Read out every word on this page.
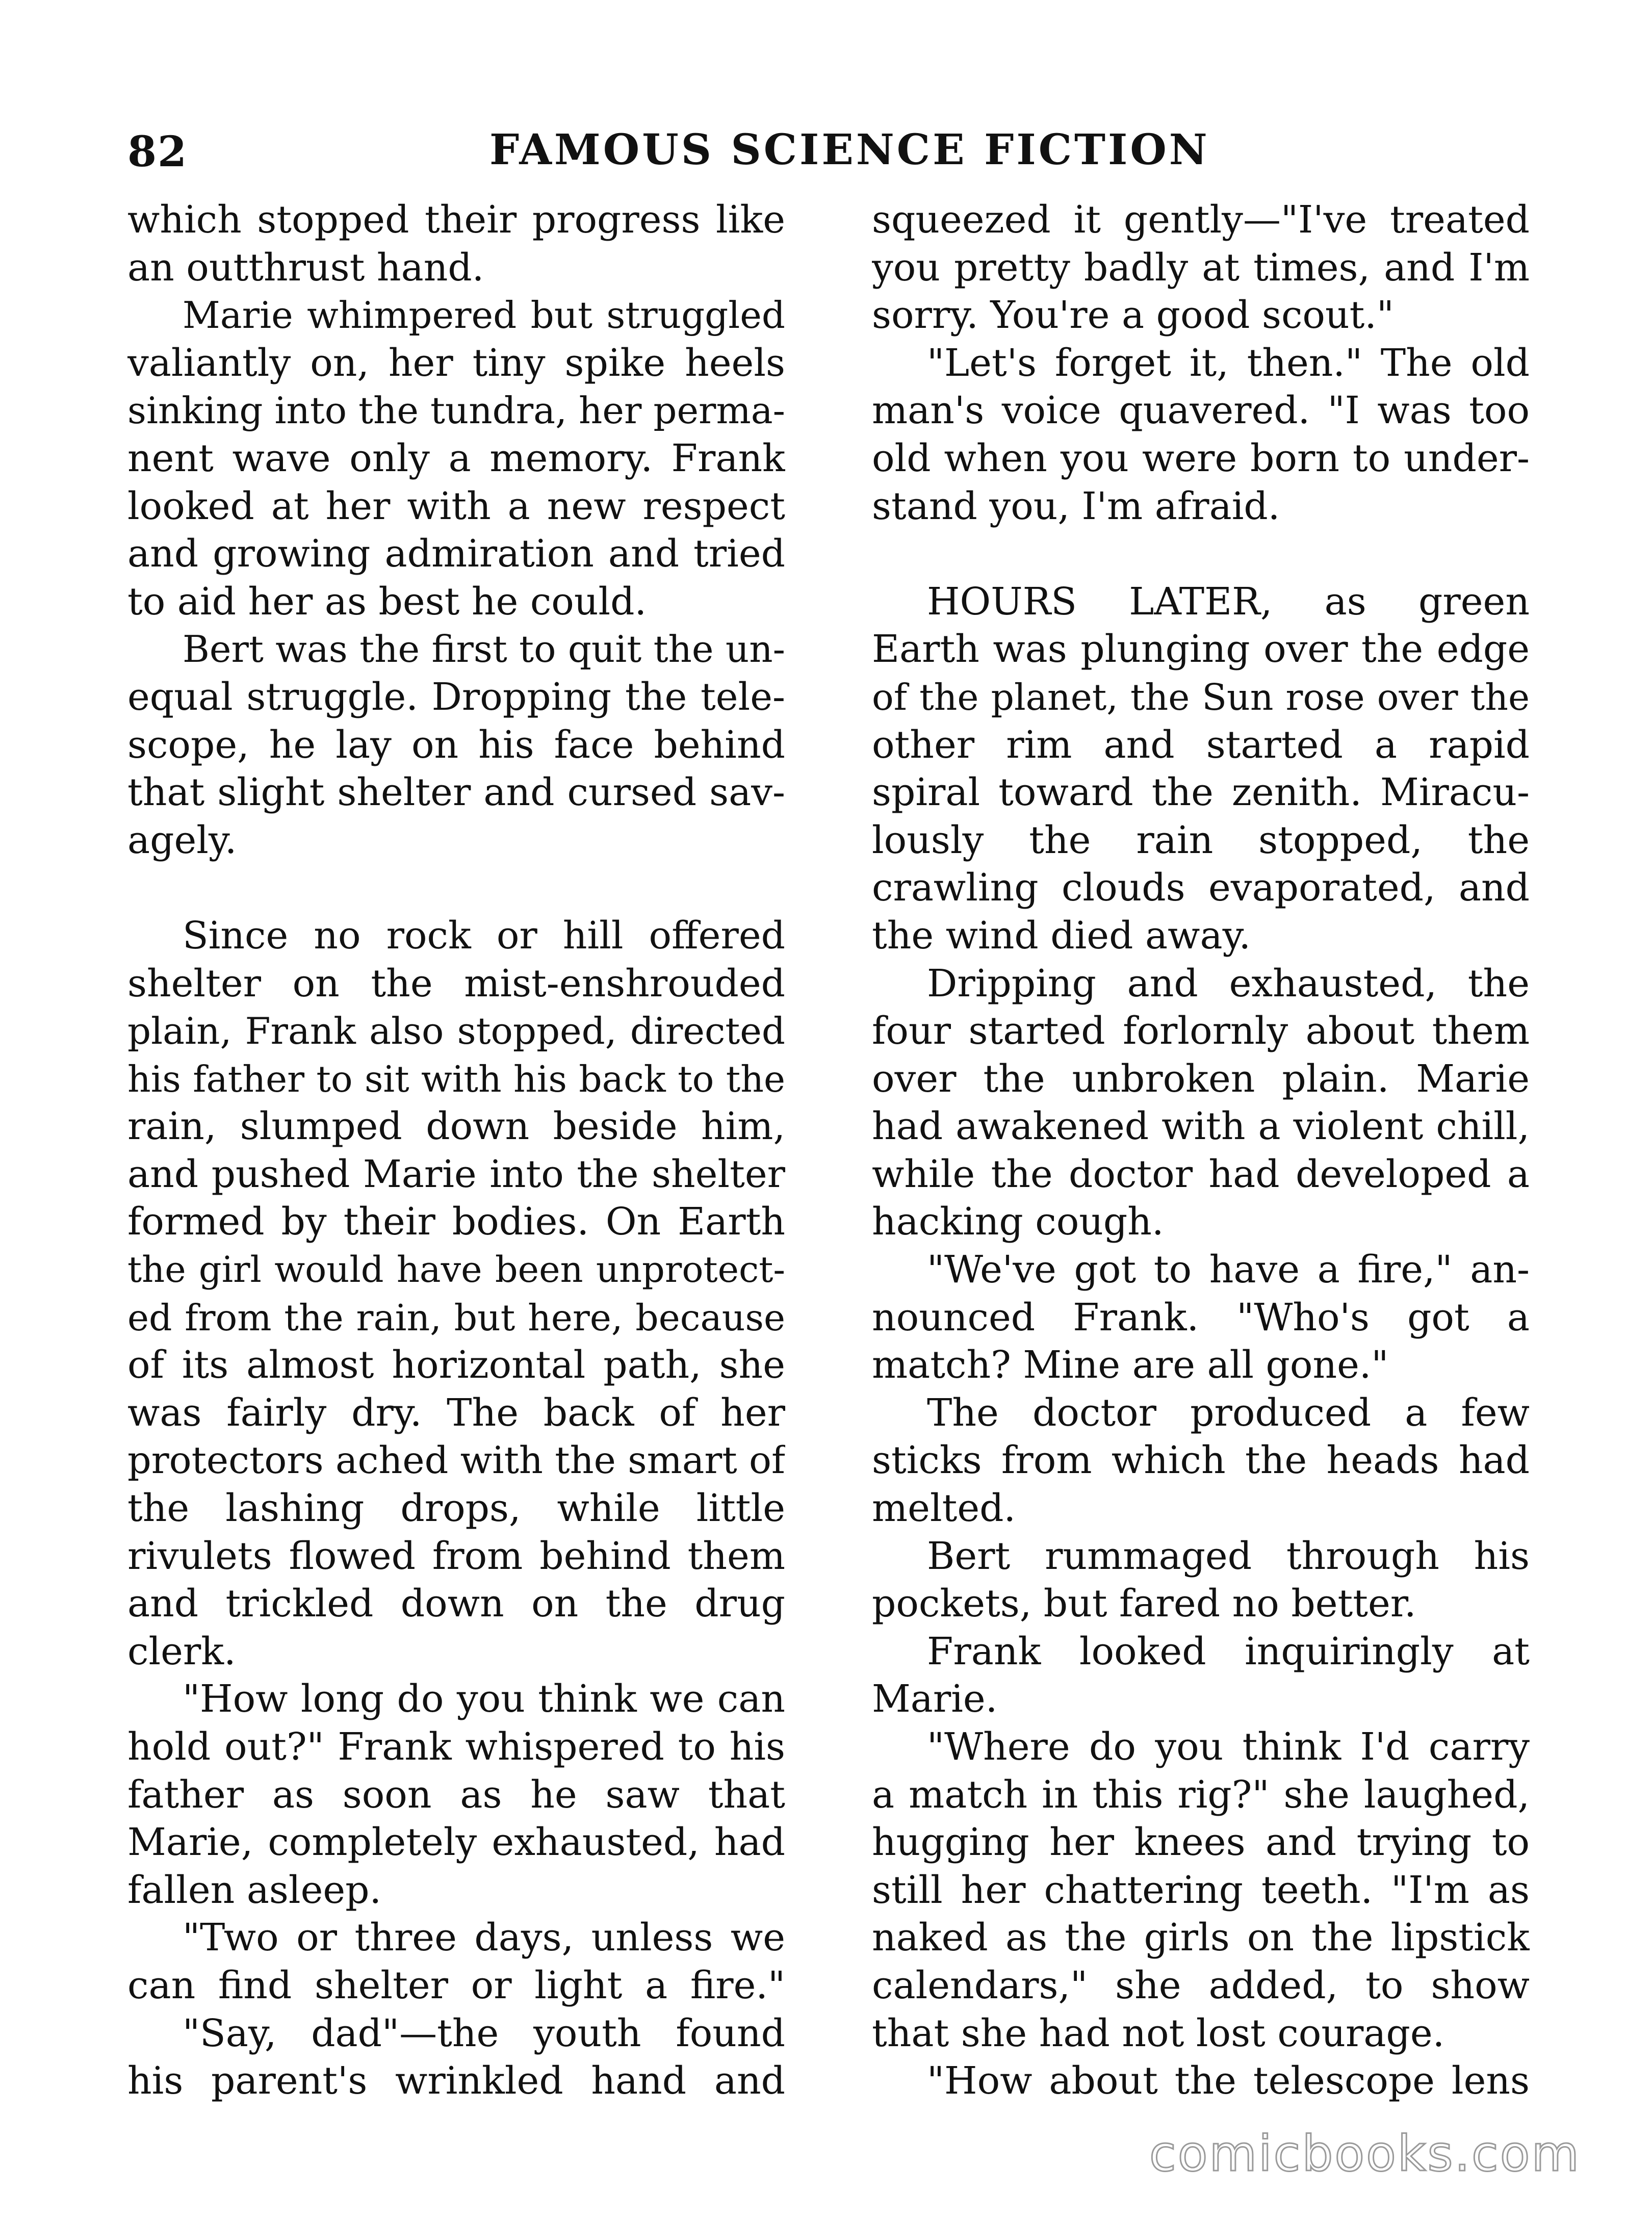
82	FAMOUS SCIENCE FICTION
which stopped their progress like
an outthrust hand.
Marie whimpered but struggled
valiantly on, her tiny spike heels
sinking into the tundra, her perma-
nent wave only a memory. Frank
looked at her with a new respect
and growing admiration and tried
to aid her as best he could.
Bert was the first to quit the un-
equal struggle. Dropping the tele-
scope, he lay on his face behind
that slight shelter and cursed sav-
agely.
Since no rock or hill offered
shelter on the mist-enshrouded
plain, Frank also stopped, directed
his father to sit with his back to the
rain, slumped down beside him,
and pushed Marie into the shelter
formed by their bodies. On Earth
the girl would have been unprotect-
ed from the rain, but here, because
of its almost horizontal path, she
was fairly dry. The back of her
protectors ached with the smart of
the lashing drops, while little
rivulets flowed from behind them
and trickled down on the drug
clerk.
"How long do you think we can
hold out?" Frank whispered to his
father as soon as he saw that
Marie, completely exhausted, had
fallen asleep.
"Two or three days, unless we
can find shelter or light a fire."
"Say, dad"—the youth found
his parent's wrinkled hand and
squeezed it gently—"I've treated
you pretty badly at times, and I'm
sorry. You're a good scout."
"Let's forget it, then." The old
man's voice quavered. "I was too
old when you were born to under-
stand you, I'm afraid.
HOURS LATER, as green
Earth was plunging over the edge
of the planet, the Sun rose over the
other rim and started a rapid
spiral toward the zenith. Miracu-
lously the rain stopped, the
crawling clouds evaporated, and
the wind died away.
Dripping and exhausted, the
four started forlornly about them
over the unbroken plain. Marie
had awakened with a violent chill,
while the doctor had developed a
hacking cough.
"We've got to have a fire," an-
nounced Frank. "Who's got a
match? Mine are all gone."
The doctor produced a few
sticks from which the heads had
melted.
Bert rummaged through his
pockets, but fared no better.
Frank looked inquiringly at
Marie.
"Where do you think I'd carry
a match in this rig?" she laughed,
hugging her knees and trying to
still her chattering teeth. "I'm as
naked as the girls on the lipstick
calendars," she added, to show
that she had not lost courage.
"How about the telescope lens
comicbooks.com
